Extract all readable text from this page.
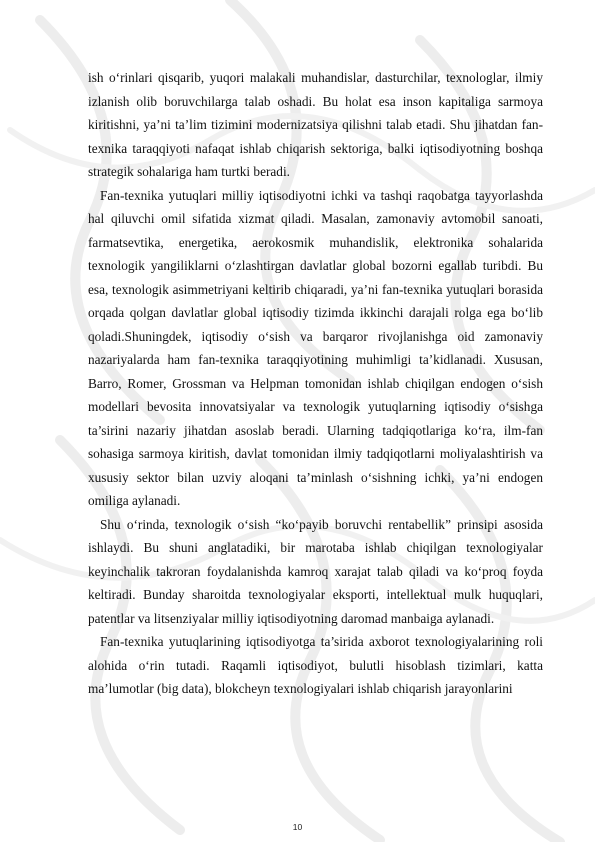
ish o‘rinlari qisqarib, yuqori malakali muhandislar, dasturchilar, texnologlar, ilmiy izlanish olib boruvchilarga talab oshadi. Bu holat esa inson kapitaliga sarmoya kiritishni, ya’ni ta’lim tizimini modernizatsiya qilishni talab etadi. Shu jihatdan fan-texnika taraqqiyoti nafaqat ishlab chiqarish sektoriga, balki iqtisodiyotning boshqa strategik sohalariga ham turtki beradi.

Fan-texnika yutuqlari milliy iqtisodiyotni ichki va tashqi raqobatga tayyorlashda hal qiluvchi omil sifatida xizmat qiladi. Masalan, zamonaviy avtomobil sanoati, farmatsevtika, energetika, aerokosmik muhandislik, elektronika sohalarida texnologik yangiliklarni o‘zlashtirgan davlatlar global bozorni egallab turibdi. Bu esa, texnologik asimmetriyani keltirib chiqaradi, ya’ni fan-texnika yutuqlari borasida orqada qolgan davlatlar global iqtisodiy tizimda ikkinchi darajali rolga ega bo‘lib qoladi.Shuningdek, iqtisodiy o‘sish va barqaror rivojlanishga oid zamonaviy nazariyalarda ham fan-texnika taraqqiyotining muhimligi ta’kidlanadi. Xususan, Barro, Romer, Grossman va Helpman tomonidan ishlab chiqilgan endogen o‘sish modellari bevosita innovatsiyalar va texnologik yutuqlarning iqtisodiy o‘sishga ta’sirini nazariy jihatdan asoslab beradi. Ularning tadqiqotlariga ko‘ra, ilm-fan sohasiga sarmoya kiritish, davlat tomonidan ilmiy tadqiqotlarni moliyalashtirish va xususiy sektor bilan uzviy aloqani ta’minlash o‘sishning ichki, ya’ni endogen omiliga aylanadi.

Shu o‘rinda, texnologik o‘sish “ko‘payib boruvchi rentabellik” prinsipi asosida ishlaydi. Bu shuni anglatadiki, bir marotaba ishlab chiqilgan texnologiyalar keyinchalik takroran foydalanishda kamroq xarajat talab qiladi va ko‘proq foyda keltiradi. Bunday sharoitda texnologiyalar eksporti, intellektual mulk huquqlari, patentlar va litsenziyalar milliy iqtisodiyotning daromad manbaiga aylanadi.

Fan-texnika yutuqlarining iqtisodiyotga ta’sirida axborot texnologiyalarining roli alohida o‘rin tutadi. Raqamli iqtisodiyot, bulutli hisoblash tizimlari, katta ma’lumotlar (big data), blokcheyn texnologiyalari ishlab chiqarish jarayonlarini

10
